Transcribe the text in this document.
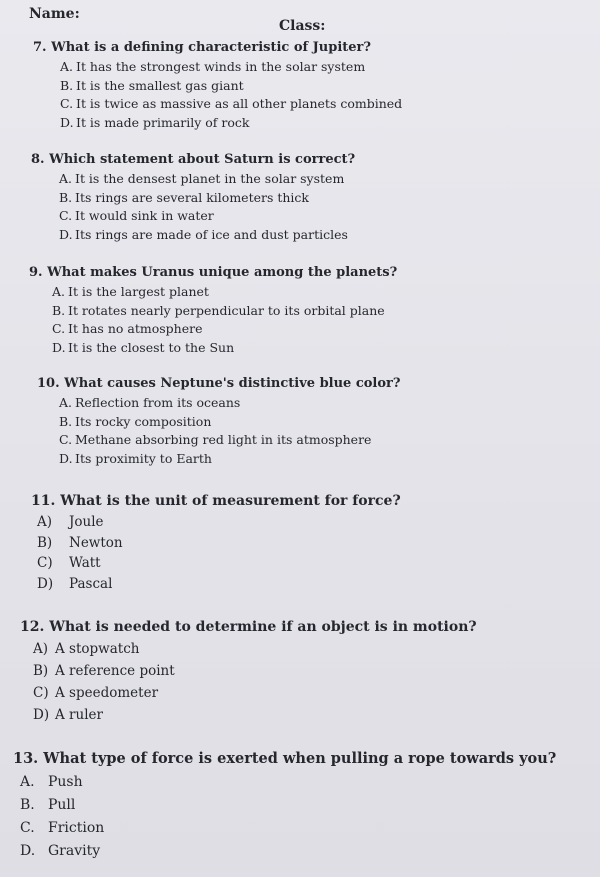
Name:
Class:
7. What is a defining characteristic of Jupiter?
A. It has the strongest winds in the solar system
B. It is the smallest gas giant
C. It is twice as massive as all other planets combined
D. It is made primarily of rock
8. Which statement about Saturn is correct?
A. It is the densest planet in the solar system
B. Its rings are several kilometers thick
C. It would sink in water
D. Its rings are made of ice and dust particles
9. What makes Uranus unique among the planets?
A. It is the largest planet
B. It rotates nearly perpendicular to its orbital plane
C. It has no atmosphere
D. It is the closest to the Sun
10. What causes Neptune's distinctive blue color?
A. Reflection from its oceans
B. Its rocky composition
C. Methane absorbing red light in its atmosphere
D. Its proximity to Earth
11. What is the unit of measurement for force?
A) Joule
B) Newton
C) Watt
D) Pascal
12. What is needed to determine if an object is in motion?
A) A stopwatch
B) A reference point
C) A speedometer
D) A ruler
13. What type of force is exerted when pulling a rope towards you?
A. Push
B. Pull
C. Friction
D. Gravity
